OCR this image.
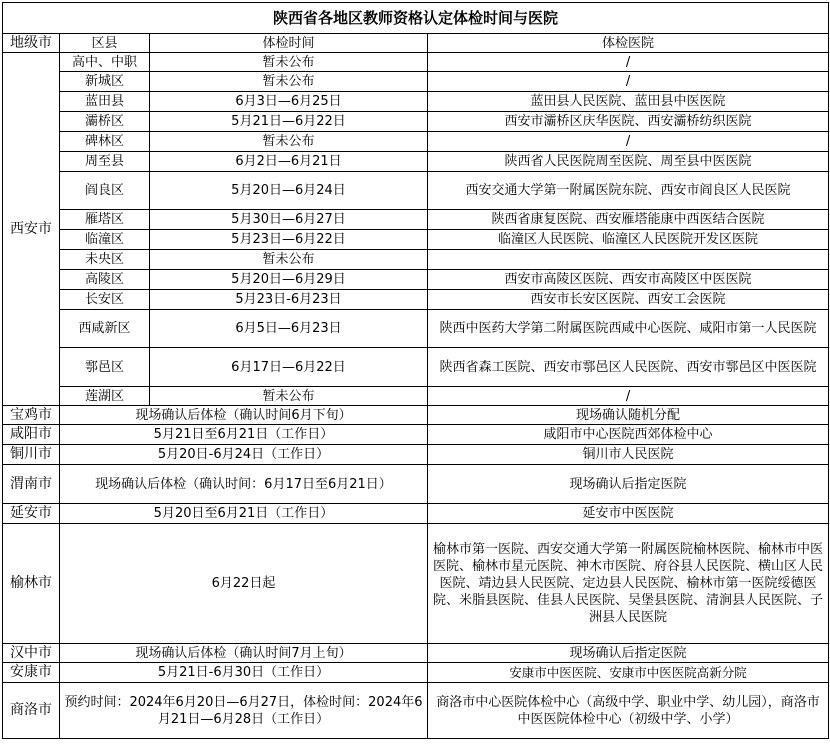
陕西省各地区教师资格认定体检时间与医院			
地级市	区县	体检时间	体检医院
西安市	高中、中职	暂未公布	/
	新城区	暂未公布	/
	蓝田县	6月3日—6月25日	蓝田县人民医院、蓝田县中医医院
	灞桥区	5月21日—6月22日	西安市灞桥区庆华医院、西安灞桥纺织医院
	碑林区	暂未公布	/
	周至县	6月2日—6月21日	陕西省人民医院周至医院、周至县中医医院
	阎良区	5月20日—6月24日	西安交通大学第一附属医院东院、西安市阎良区人民医院
	雁塔区	5月30日—6月27日	陕西省康复医院、西安雁塔能康中西医结合医院
	临潼区	5月23日—6月22日	临潼区人民医院、临潼区人民医院开发区医院
	未央区	暂未公布	
	高陵区	5月20日—6月29日	西安市高陵区医院、西安市高陵区中医医院
	长安区	5月23日-6月23日	西安市长安区医院、西安工会医院
	西咸新区	6月5日—6月23日	陕西中医药大学第二附属医院西咸中心医院、咸阳市第一人民医院
	鄠邑区	6月17日—6月22日	陕西省森工医院、西安市鄠邑区人民医院、西安市鄠邑区中医医院
	莲湖区	暂未公布	/
宝鸡市	现场确认后体检（确认时间6月下旬）		现场确认随机分配
咸阳市	5月21日至6月21日（工作日）		咸阳市中心医院西郊体检中心
铜川市	5月20日-6月24日（工作日）		铜川市人民医院
渭南市	现场确认后体检（确认时间：6月17日至6月21日）		现场确认后指定医院
延安市	5月20日至6月21日（工作日）		延安市中医医院
榆林市	6月22日起		榆林市第一医院、西安交通大学第一附属医院榆林医院、榆林市中医医院、榆林市星元医院、神木市医院、府谷县人民医院、横山区人民医院、靖边县人民医院、定边县人民医院、榆林市第一医院绥德医院、米脂县医院、佳县人民医院、吴堡县医院、清涧县人民医院、子洲县人民医院
汉中市	现场确认后体检（确认时间7月上旬）		现场确认后指定医院
安康市	5月21日-6月30日（工作日）		安康市中医医院、安康市中医医院高新分院
商洛市	预约时间：2024年6月20日—6月27日，体检时间：2024年6月21日—6月28日（工作日）		商洛市中心医院体检中心（高级中学、职业中学、幼儿园），商洛市中医医院体检中心（初级中学、小学）
